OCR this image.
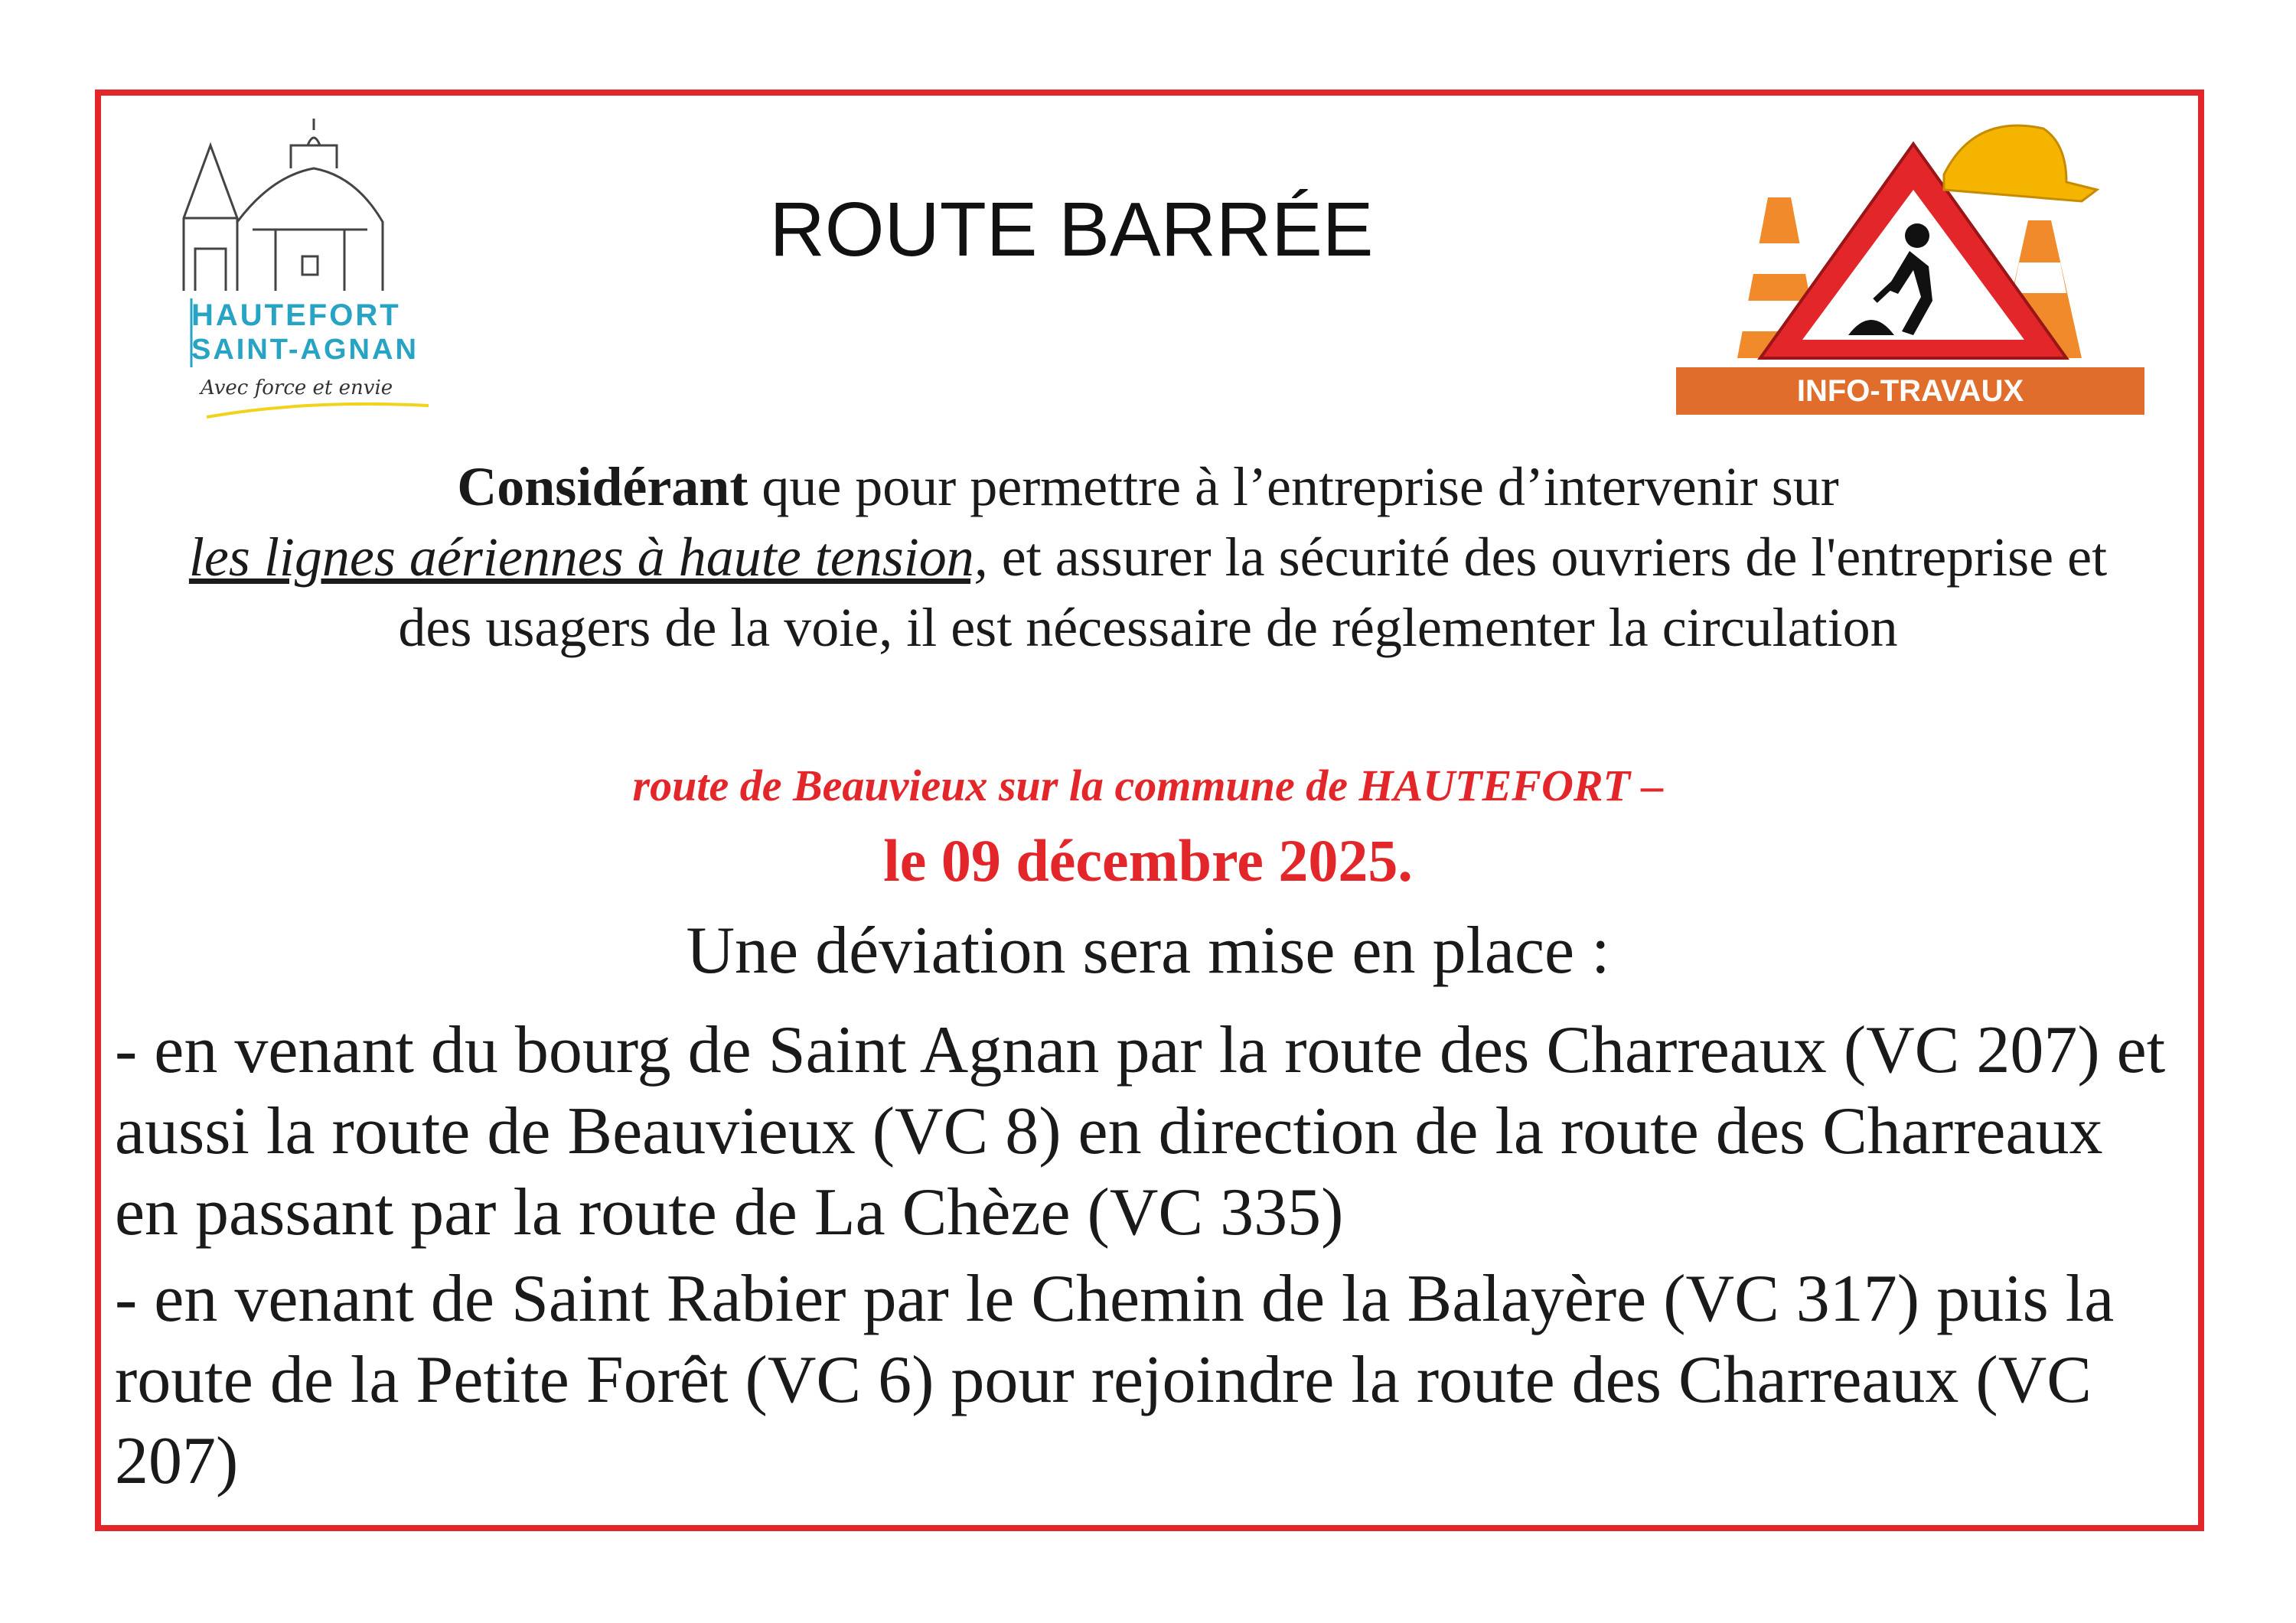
HAUTEFORT
SAINT-AGNAN
Avec force et envie
ROUTE BARRÉE
INFO-TRAVAUX
Considérant que pour permettre à l’entreprise d’intervenir sur
les lignes aériennes à haute tension, et assurer la sécurité des ouvriers de l'entreprise et des usagers de la voie, il est nécessaire de réglementer la circulation
route de Beauvieux sur la commune de HAUTEFORT –
le 09 décembre 2025.
Une déviation sera mise en place :
- en venant du bourg de Saint Agnan par la route des Charreaux (VC 207) et aussi la route de Beauvieux (VC 8) en direction de la route des Charreaux en passant par la route de La Chèze (VC 335)
- en venant de Saint Rabier par le Chemin de la Balayère (VC 317) puis la route de la Petite Forêt (VC 6) pour rejoindre la route des Charreaux (VC 207)
